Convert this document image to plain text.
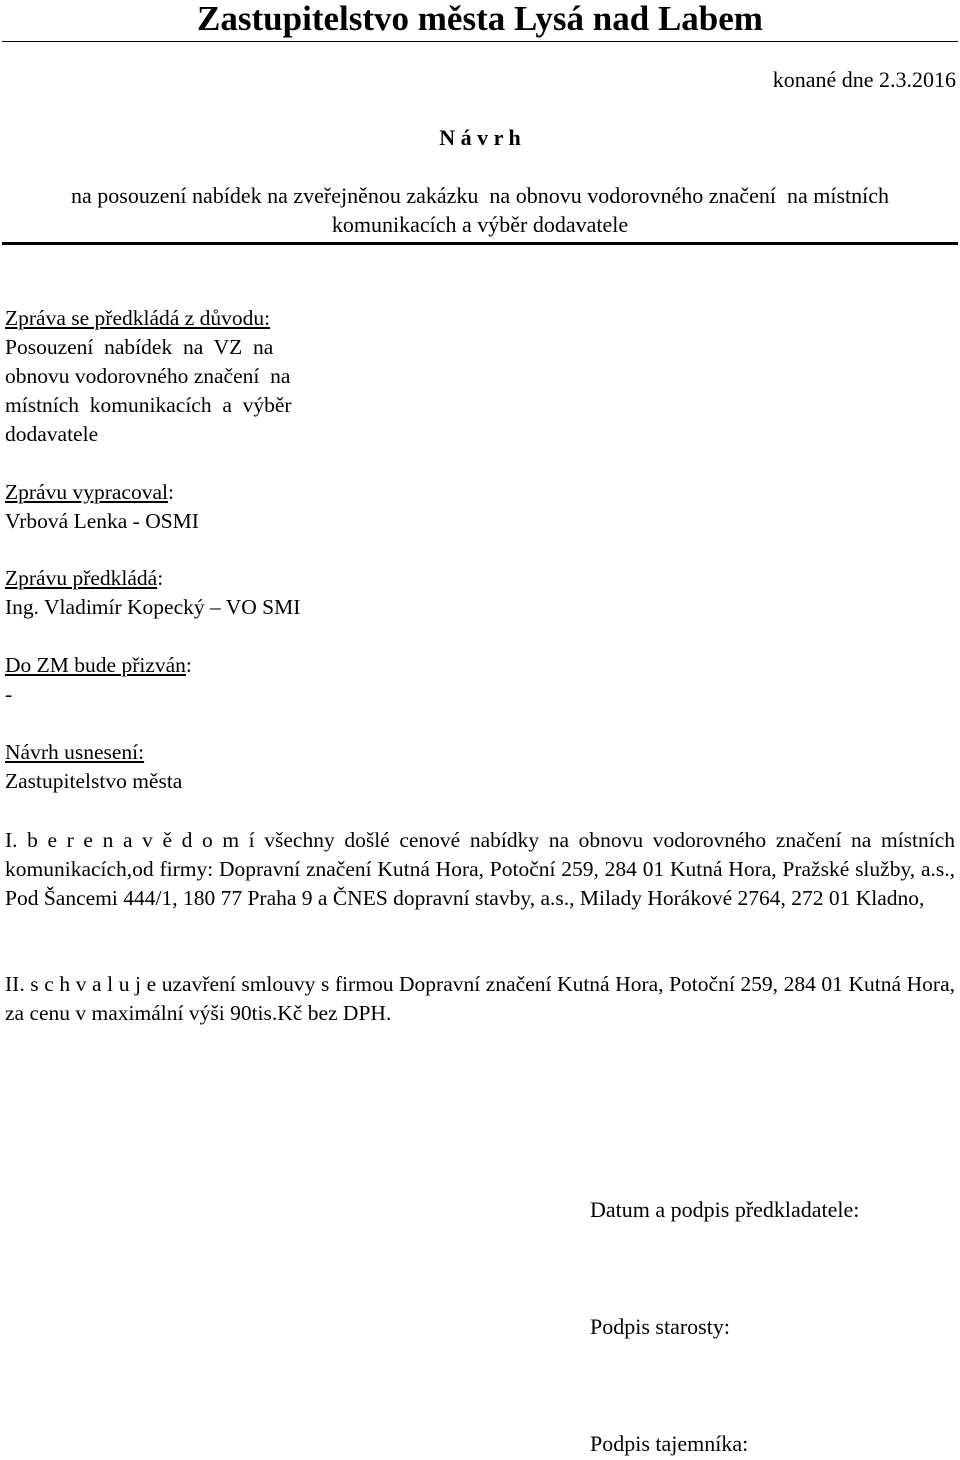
Zastupitelstvo města Lysá nad Labem
konané dne 2.3.2016
N á v r h
na posouzení nabídek na zveřejněnou zakázku  na obnovu vodorovného značení  na místních
komunikacích a výběr dodavatele
Zpráva se předkládá z důvodu:
Posouzení  nabídek  na  VZ  na
obnovu vodorovného značení  na
místních  komunikacích  a  výběr
dodavatele
Zprávu vypracoval:
Vrbová Lenka - OSMI
Zprávu předkládá:
Ing. Vladimír Kopecký – VO SMI
Do ZM bude přizván:
-
Návrh usnesení:
Zastupitelstvo města
I. b e r e n a v ě d o m í všechny došlé cenové nabídky na obnovu vodorovného značení na místních komunikacích,od firmy: Dopravní značení Kutná Hora, Potoční 259, 284 01 Kutná Hora, Pražské služby, a.s., Pod Šancemi 444/1, 180 77 Praha 9 a ČNES dopravní stavby, a.s., Milady Horákové 2764, 272 01 Kladno,
II. s c h v a l u j e uzavření smlouvy s firmou Dopravní značení Kutná Hora, Potoční 259, 284 01 Kutná Hora, za cenu v maximální výši 90tis.Kč bez DPH.
Datum a podpis předkladatele:
Podpis starosty:
Podpis tajemníka:
